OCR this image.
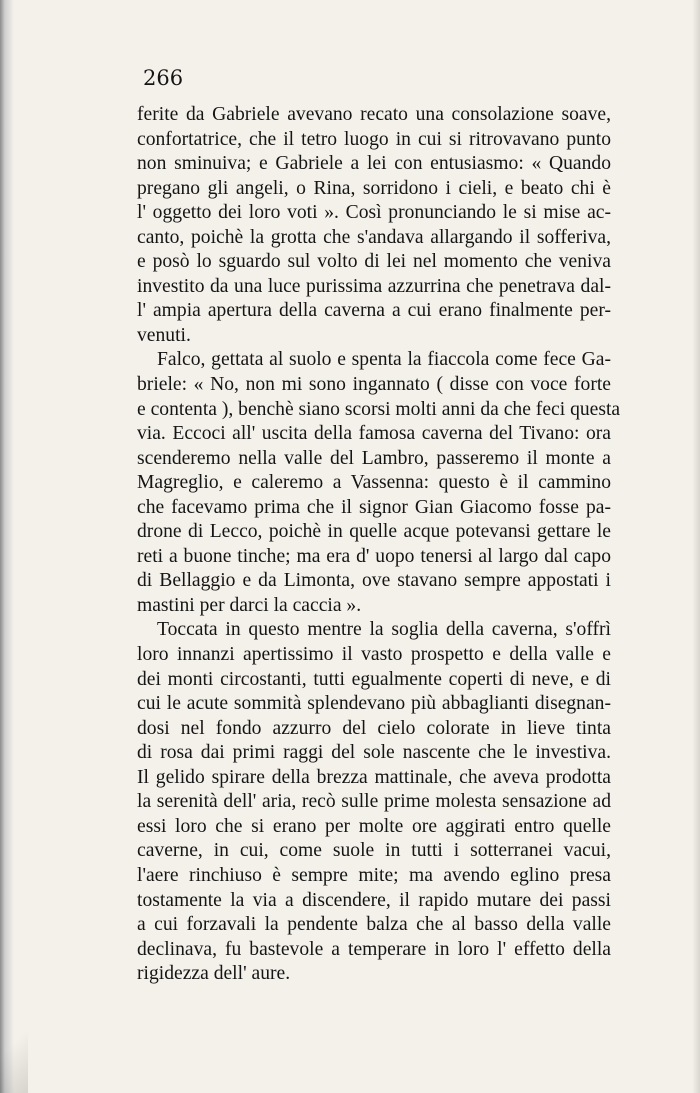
266
ferite da Gabriele avevano recato una consolazione soave,
confortatrice, che il tetro luogo in cui si ritrovavano punto
non sminuiva; e Gabriele a lei con entusiasmo: « Quando
pregano gli angeli, o Rina, sorridono i cieli, e beato chi è
l' oggetto dei loro voti ». Così pronunciando le si mise ac-
canto, poichè la grotta che s'andava allargando il sofferiva,
e posò lo sguardo sul volto di lei nel momento che veniva
investito da una luce purissima azzurrina che penetrava dal-
l' ampia apertura della caverna a cui erano finalmente per-
venuti.
Falco, gettata al suolo e spenta la fiaccola come fece Ga-
briele: « No, non mi sono ingannato ( disse con voce forte
e contenta ), benchè siano scorsi molti anni da che feci questa
via. Eccoci all' uscita della famosa caverna del Tivano: ora
scenderemo nella valle del Lambro, passeremo il monte a
Magreglio, e caleremo a Vassenna: questo è il cammino
che facevamo prima che il signor Gian Giacomo fosse pa-
drone di Lecco, poichè in quelle acque potevansi gettare le
reti a buone tinche; ma era d' uopo tenersi al largo dal capo
di Bellaggio e da Limonta, ove stavano sempre appostati i
mastini per darci la caccia ».
Toccata in questo mentre la soglia della caverna, s'offrì
loro innanzi apertissimo il vasto prospetto e della valle e
dei monti circostanti, tutti egualmente coperti di neve, e di
cui le acute sommità splendevano più abbaglianti disegnan-
dosi nel fondo azzurro del cielo colorate in lieve tinta
di rosa dai primi raggi del sole nascente che le investiva.
Il gelido spirare della brezza mattinale, che aveva prodotta
la serenità dell' aria, recò sulle prime molesta sensazione ad
essi loro che si erano per molte ore aggirati entro quelle
caverne, in cui, come suole in tutti i sotterranei vacui,
l'aere rinchiuso è sempre mite; ma avendo eglino presa
tostamente la via a discendere, il rapido mutare dei passi
a cui forzavali la pendente balza che al basso della valle
declinava, fu bastevole a temperare in loro l' effetto della
rigidezza dell' aure.
